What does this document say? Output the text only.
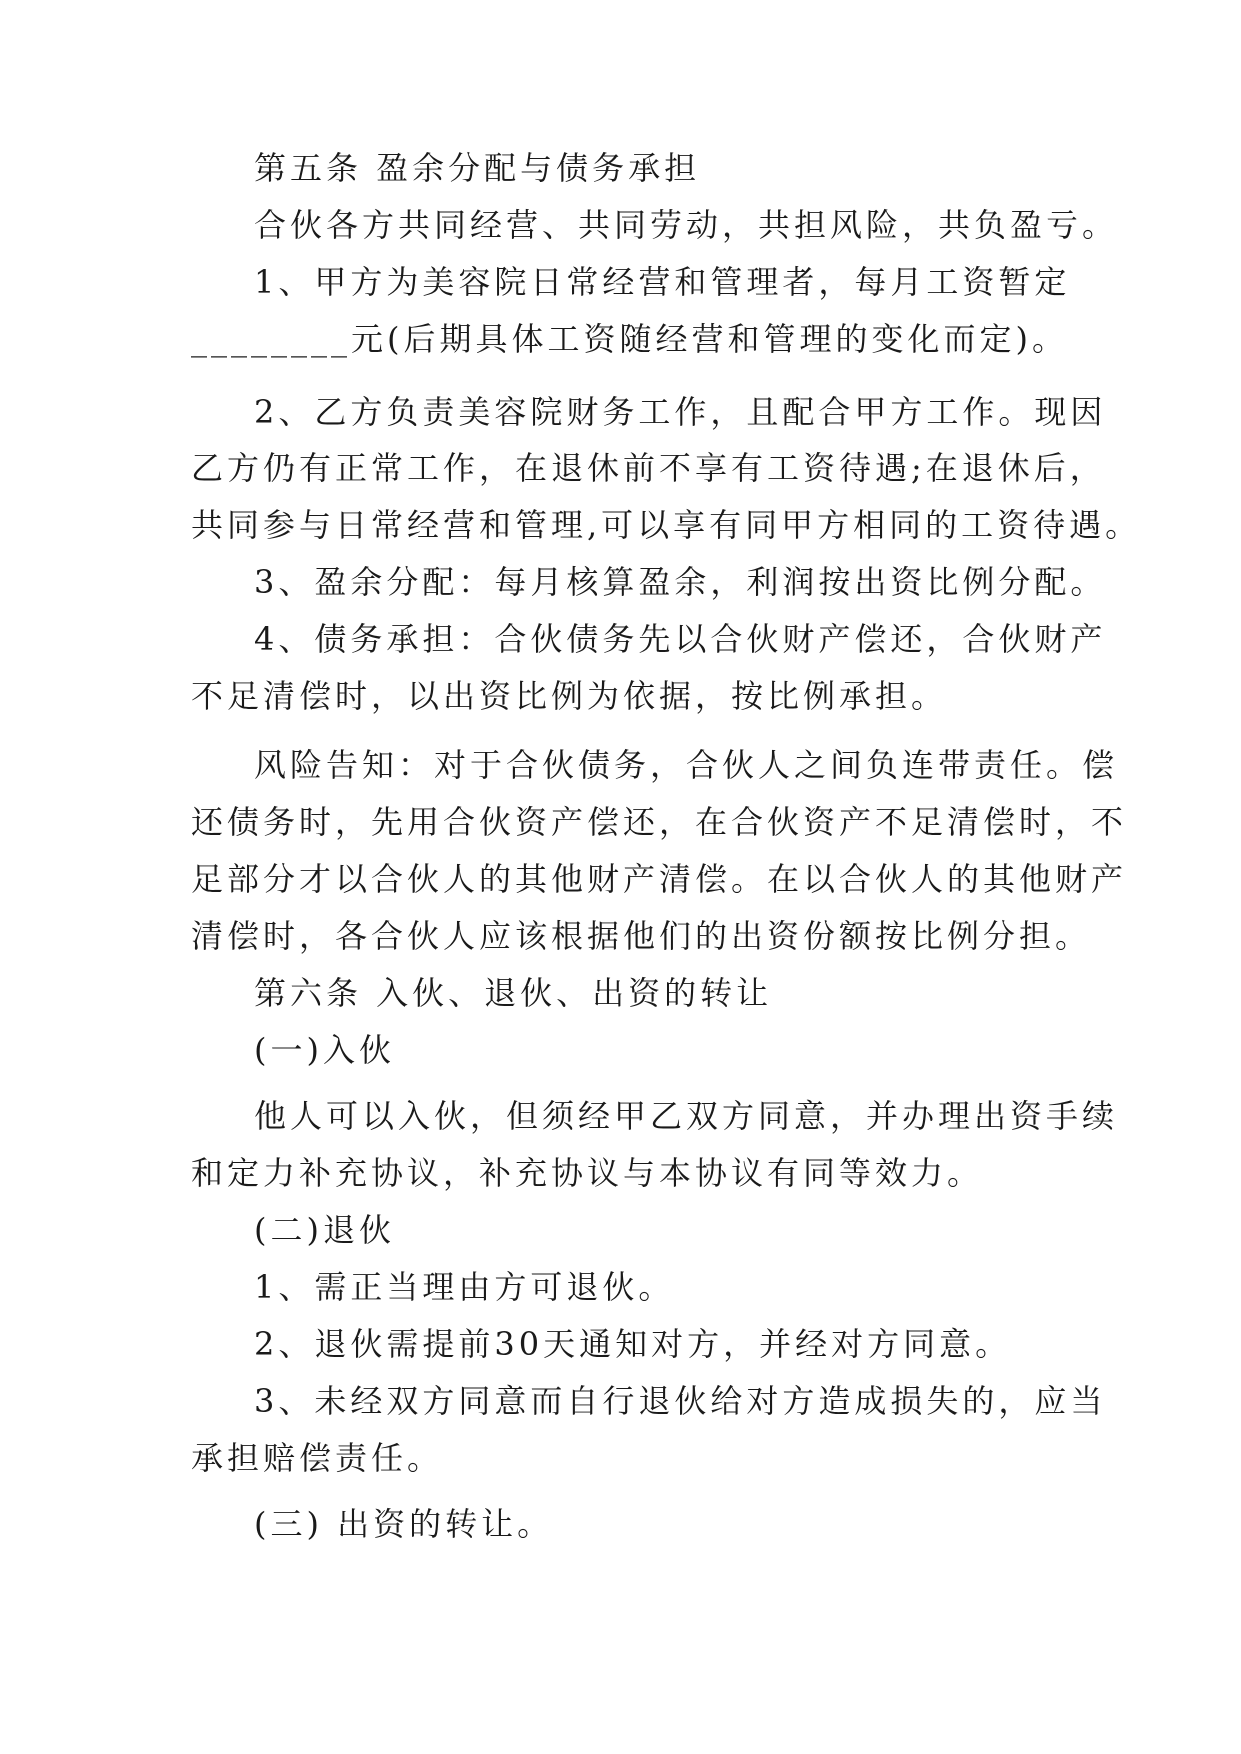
第五条 盈余分配与债务承担
合伙各方共同经营、共同劳动，共担风险，共负盈亏。
1、甲方为美容院日常经营和管理者，每月工资暂定
________元(后期具体工资随经营和管理的变化而定)。
2、乙方负责美容院财务工作，且配合甲方工作。现因
乙方仍有正常工作，在退休前不享有工资待遇;在退休后，
共同参与日常经营和管理,可以享有同甲方相同的工资待遇。
3、盈余分配：每月核算盈余，利润按出资比例分配。
4、债务承担：合伙债务先以合伙财产偿还，合伙财产
不足清偿时，以出资比例为依据，按比例承担。
风险告知：对于合伙债务，合伙人之间负连带责任。偿
还债务时，先用合伙资产偿还，在合伙资产不足清偿时，不
足部分才以合伙人的其他财产清偿。在以合伙人的其他财产
清偿时，各合伙人应该根据他们的出资份额按比例分担。
第六条 入伙、退伙、出资的转让
(一)入伙
他人可以入伙，但须经甲乙双方同意，并办理出资手续
和定力补充协议，补充协议与本协议有同等效力。
(二)退伙
1、需正当理由方可退伙。
2、退伙需提前30天通知对方，并经对方同意。
3、未经双方同意而自行退伙给对方造成损失的，应当
承担赔偿责任。
(三) 出资的转让。
